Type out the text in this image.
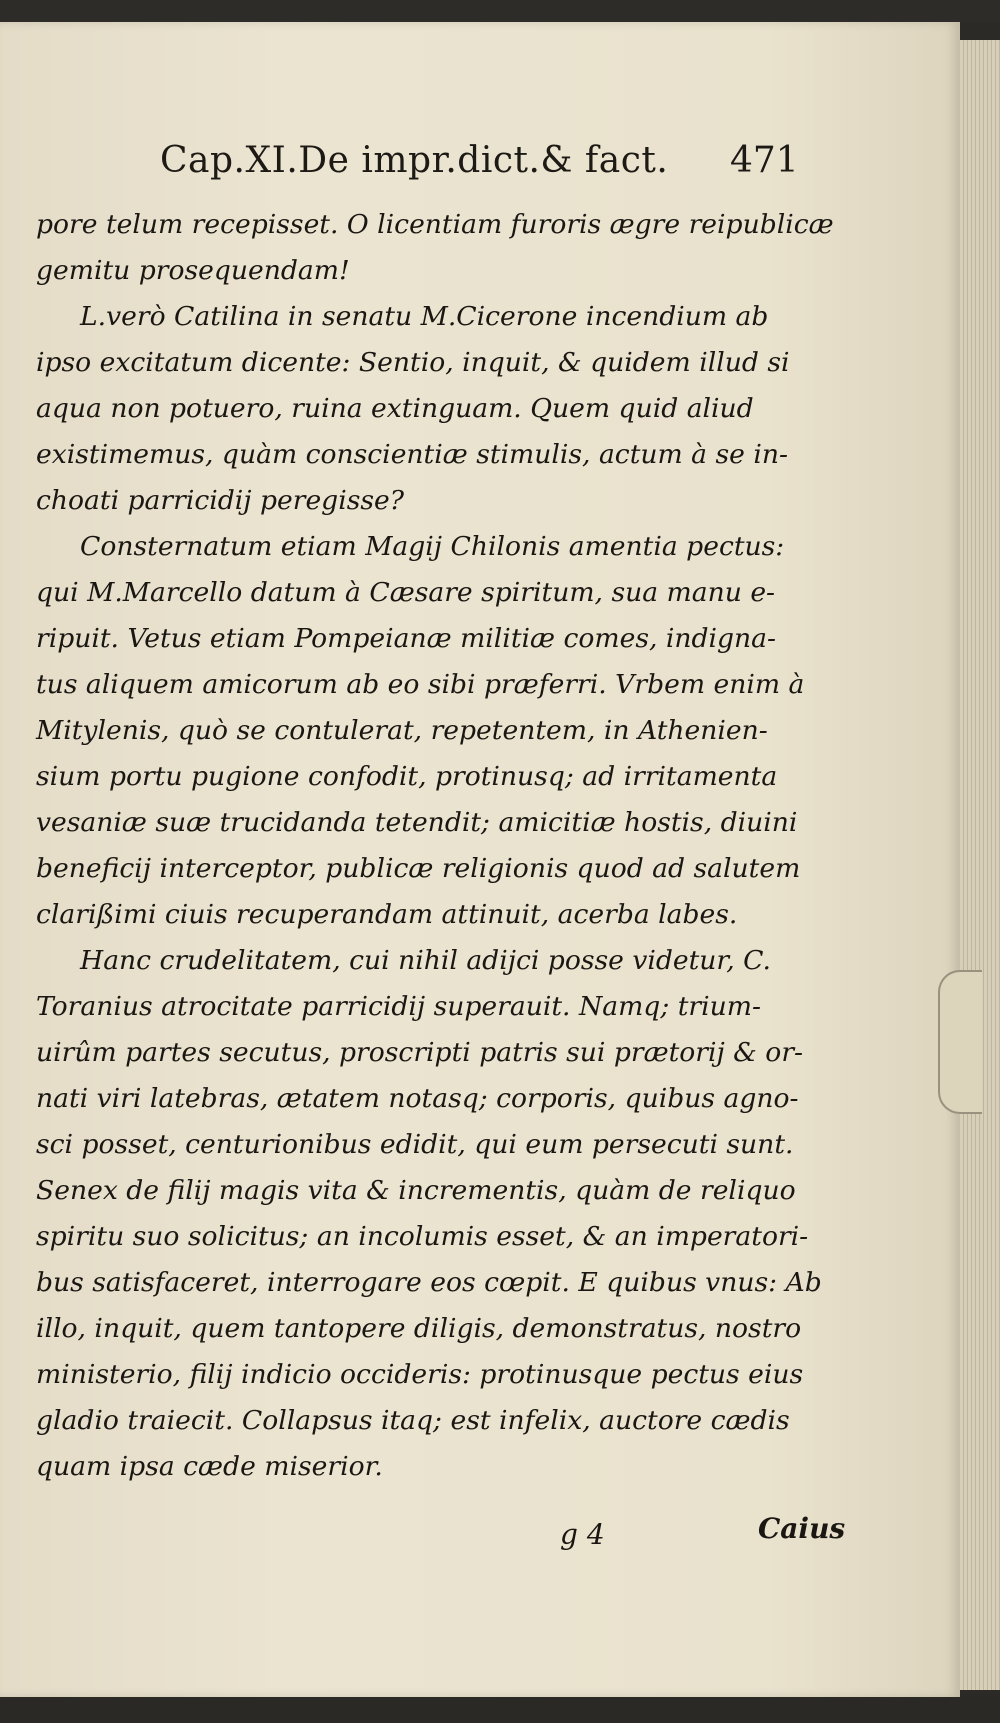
Cap.XI.De impr.dict.& fact. 471
pore telum recepisset. O licentiam furoris ægre reipublicæ
gemitu prosequendam!
L.verò Catilina in senatu M.Cicerone incendium ab
ipso excitatum dicente: Sentio, inquit, & quidem illud si
aqua non potuero, ruina extinguam. Quem quid aliud
existimemus, quàm conscientiæ stimulis, actum à se in-
choati parricidij peregisse?
Consternatum etiam Magij Chilonis amentia pectus:
qui M.Marcello datum à Cæsare spiritum, sua manu e-
ripuit. Vetus etiam Pompeianæ militiæ comes, indigna-
tus aliquem amicorum ab eo sibi præferri. Vrbem enim à
Mitylenis, quò se contulerat, repetentem, in Athenien-
sium portu pugione confodit, protinusq; ad irritamenta
vesaniæ suæ trucidanda tetendit; amicitiæ hostis, diuini
beneficij interceptor, publicæ religionis quod ad salutem
clarißimi ciuis recuperandam attinuit, acerba labes.
Hanc crudelitatem, cui nihil adijci posse videtur, C.
Toranius atrocitate parricidij superauit. Namq; trium-
uirûm partes secutus, proscripti patris sui prætorij & or-
nati viri latebras, ætatem notasq; corporis, quibus agno-
sci posset, centurionibus edidit, qui eum persecuti sunt.
Senex de filij magis vita & incrementis, quàm de reliquo
spiritu suo solicitus; an incolumis esset, & an imperatori-
bus satisfaceret, interrogare eos cœpit. E quibus vnus: Ab
illo, inquit, quem tantopere diligis, demonstratus, nostro
ministerio, filij indicio occideris: protinusque pectus eius
gladio traiecit. Collapsus itaq; est infelix, auctore cædis
quam ipsa cæde miserior.
g 4	Caius
